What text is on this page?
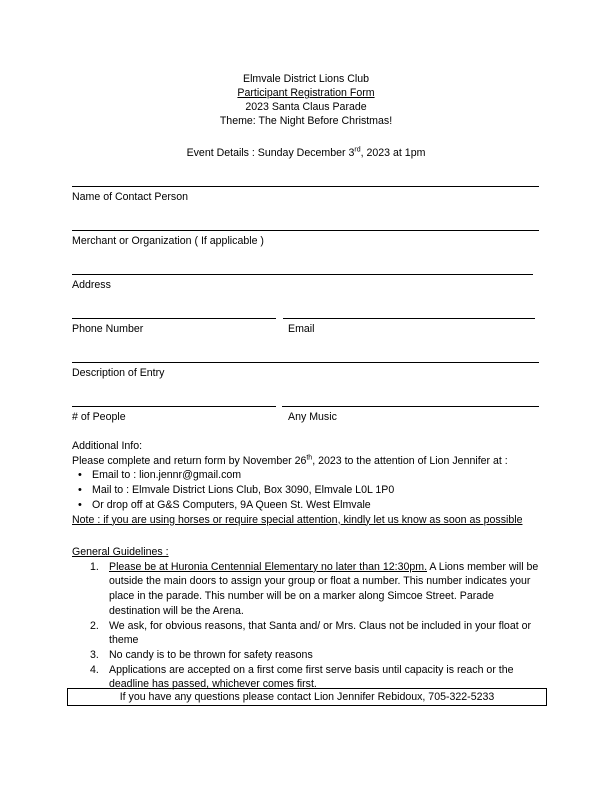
Elmvale District Lions Club
Participant Registration Form
2023 Santa Claus Parade
Theme: The Night Before Christmas!
Event Details : Sunday December 3rd, 2023 at 1pm
Name of Contact Person
Merchant or Organization ( If applicable )
Address
Phone Number	Email
Description of Entry
# of People	Any Music

Additional Info:

Please complete and return form by November 26th, 2023 to the attention of Lion Jennifer at :

• Email to : lion.jennr@gmail.com
• Mail to : Elmvale District Lions Club, Box 3090, Elmvale L0L 1P0
• Or drop off at G&S Computers, 9A Queen St. West Elmvale

Note : if you are using horses or require special attention, kindly let us know as soon as possible

General Guidelines :

1. Please be at Huronia Centennial Elementary no later than 12:30pm. A Lions member will be outside the main doors to assign your group or float a number. This number indicates your place in the parade. This number will be on a marker along Simcoe Street. Parade destination will be the Arena.
2. We ask, for obvious reasons, that Santa and/ or Mrs. Claus not be included in your float or theme
3. No candy is to be thrown for safety reasons
4. Applications are accepted on a first come first serve basis until capacity is reach or the deadline has passed, whichever comes first.
If you have any questions please contact Lion Jennifer Rebidoux, 705-322-5233
